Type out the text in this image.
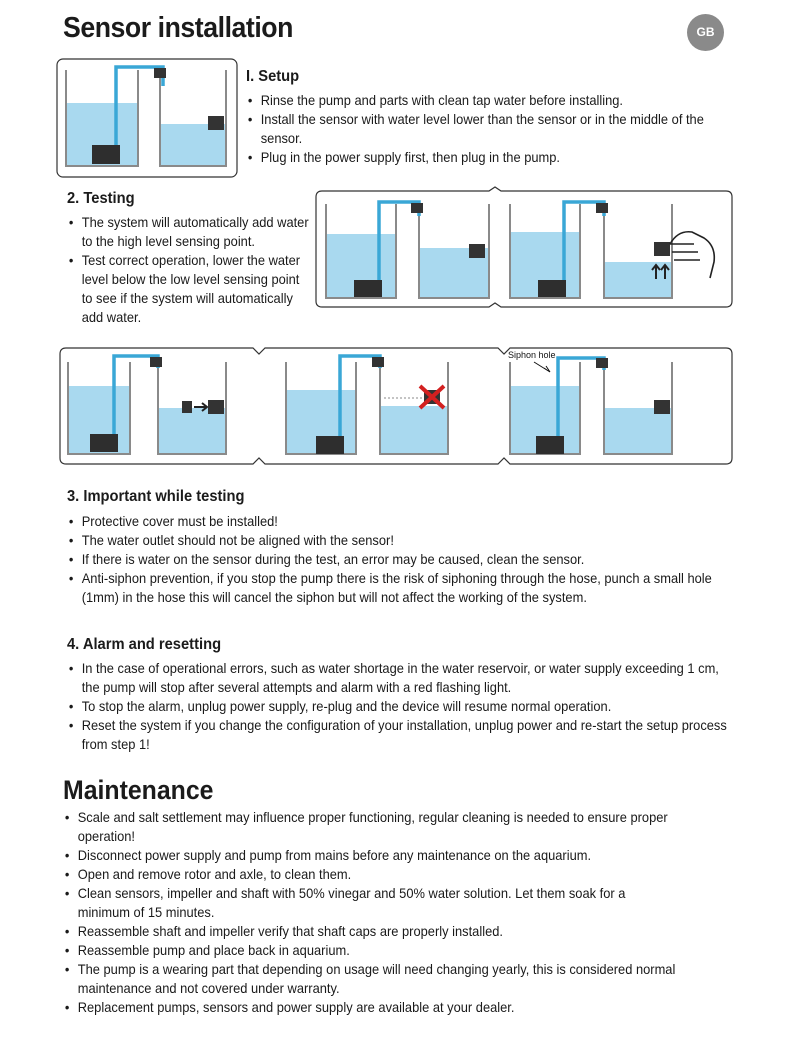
Sensor installation	GB
I. Setup
• Rinse the pump and parts with clean tap water before installing.
• Install the sensor with water level lower than the sensor or in the middle of the sensor.
• Plug in the power supply first, then plug in the pump.
2. Testing
• The system will automatically add water to the high level sensing point.
• Test correct operation, lower the water level below the low level sensing point to see if the system will automatically add water.
Siphon hole
3. Important while testing
• Protective cover must be installed!
• The water outlet should not be aligned with the sensor!
• If there is water on the sensor during the test, an error may be caused, clean the sensor.
• Anti-siphon prevention, if you stop the pump there is the risk of siphoning through the hose, punch a small hole (1mm) in the hose this will cancel the siphon but will not affect the working of the system.
4. Alarm and resetting
• In the case of operational errors, such as water shortage in the water reservoir, or water supply exceeding 1 cm, the pump will stop after several attempts and alarm with a red flashing light.
• To stop the alarm, unplug power supply, re-plug and the device will resume normal operation.
• Reset the system if you change the configuration of your installation, unplug power and re-start the setup process from step 1!
Maintenance
• Scale and salt settlement may influence proper functioning, regular cleaning is needed to ensure proper operation!
• Disconnect power supply and pump from mains before any maintenance on the aquarium.
• Open and remove rotor and axle, to clean them.
• Clean sensors, impeller and shaft with 50% vinegar and 50% water solution. Let them soak for a minimum of 15 minutes.
• Reassemble shaft and impeller verify that shaft caps are properly installed.
• Reassemble pump and place back in aquarium.
• The pump is a wearing part that depending on usage will need changing yearly, this is considered normal maintenance and not covered under warranty.
• Replacement pumps, sensors and power supply are available at your dealer.
